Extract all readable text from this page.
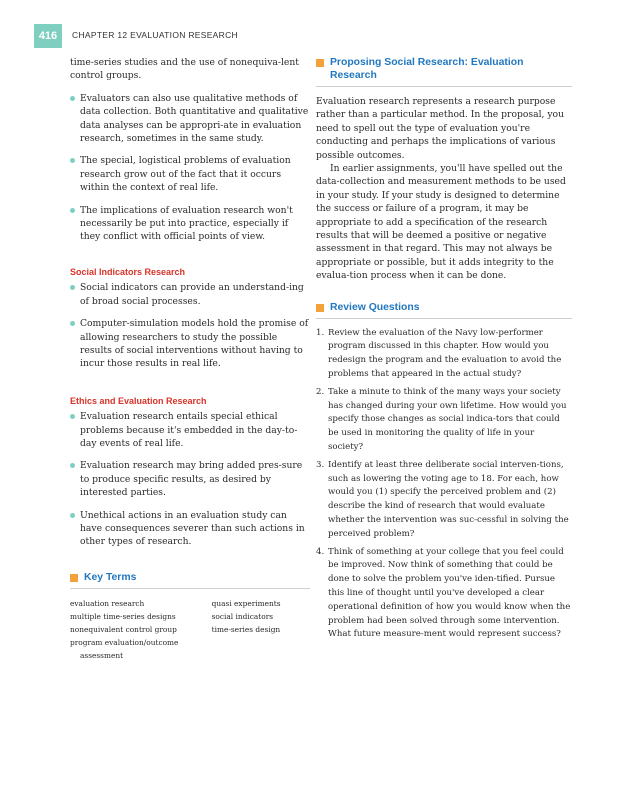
416	CHAPTER 12 EVALUATION RESEARCH

time-series studies and the use of nonequiva-lent control groups.

Evaluators can also use qualitative methods of data collection. Both quantitative and qualitative data analyses can be appropri-ate in evaluation research, sometimes in the same study.
The special, logistical problems of evaluation research grow out of the fact that it occurs within the context of real life.
The implications of evaluation research won't necessarily be put into practice, especially if they conflict with official points of view.
Social Indicators Research
Social indicators can provide an understand-ing of broad social processes.
Computer-simulation models hold the promise of allowing researchers to study the possible results of social interventions without having to incur those results in real life.
Ethics and Evaluation Research
Evaluation research entails special ethical problems because it's embedded in the day-to-day events of real life.
Evaluation research may bring added pres-sure to produce specific results, as desired by interested parties.
Unethical actions in an evaluation study can have consequences severer than such actions in other types of research.
Key Terms
evaluation research
multiple time-series designs
nonequivalent control group
program evaluation/outcome
assessment
quasi experiments
social indicators
time-series design
Proposing Social Research: Evaluation Research

Evaluation research represents a research purpose rather than a particular method. In the proposal, you need to spell out the type of evaluation you're conducting and perhaps the implications of various possible outcomes.

In earlier assignments, you'll have spelled out the data-collection and measurement methods to be used in your study. If your study is designed to determine the success or failure of a program, it may be appropriate to add a specification of the research results that will be deemed a positive or negative assessment in that regard. This may not always be appropriate or possible, but it adds integrity to the evalua-tion process when it can be done.

Review Questions
1. Review the evaluation of the Navy low-performer program discussed in this chapter. How would you redesign the program and the evaluation to avoid the problems that appeared in the actual study?
2. Take a minute to think of the many ways your society has changed during your own lifetime. How would you specify those changes as social indica-tors that could be used in monitoring the quality of life in your society?
3. Identify at least three deliberate social interven-tions, such as lowering the voting age to 18. For each, how would you (1) specify the perceived problem and (2) describe the kind of research that would evaluate whether the intervention was suc-cessful in solving the perceived problem?
4. Think of something at your college that you feel could be improved. Now think of something that could be done to solve the problem you've iden-tified. Pursue this line of thought until you've developed a clear operational definition of how you would know when the problem had been solved through some intervention. What future measure-ment would represent success?
